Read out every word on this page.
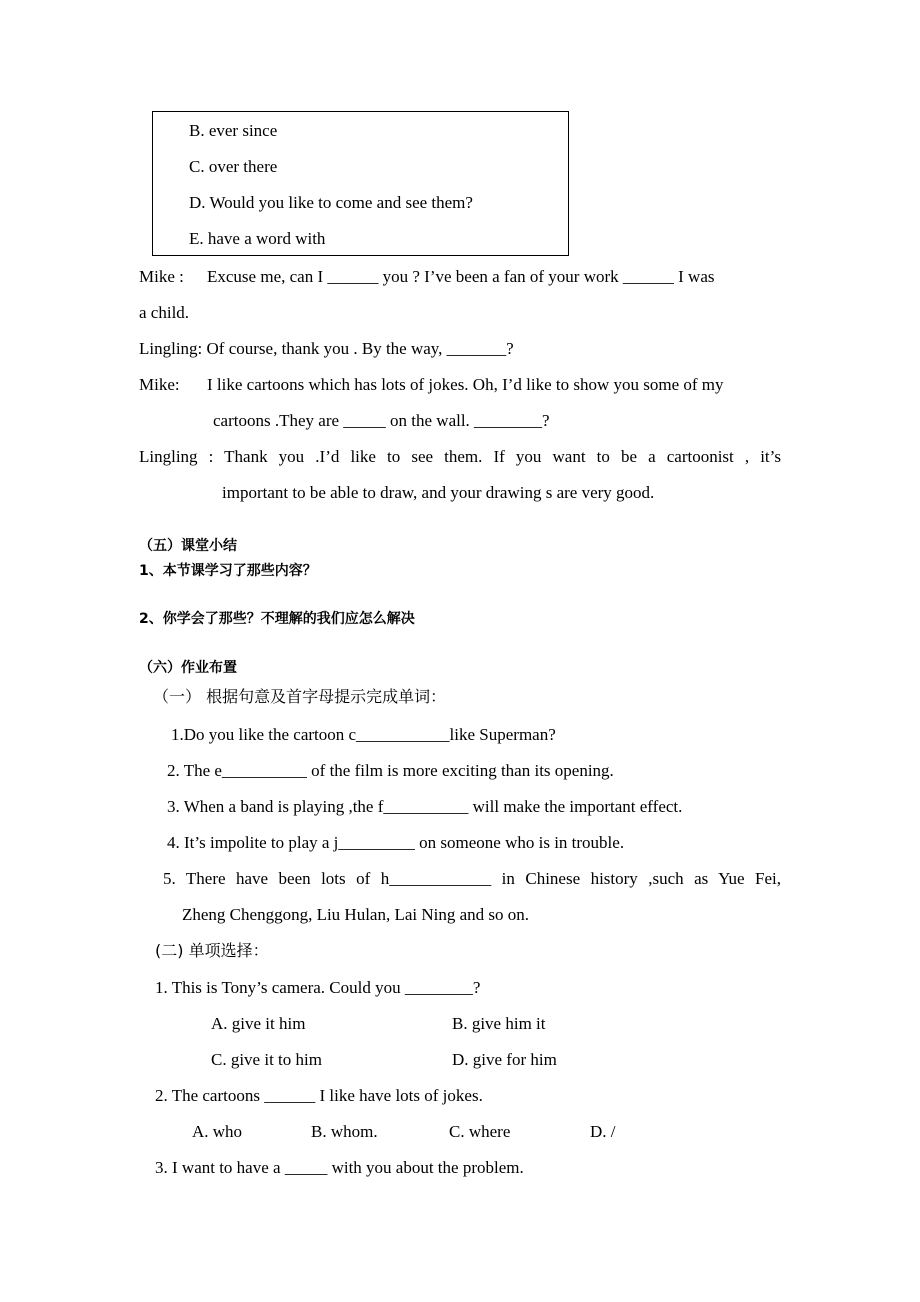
B. ever since
C. over there
D. Would you like to come and see them?
E. have a word with
Mike : Excuse me, can I ______ you ? I’ve been a fan of your work ______ I was
a child.
Lingling: Of course, thank you . By the way, _______?
Mike: I like cartoons which has lots of jokes. Oh, I’d like to show you some of my
cartoons .They are _____ on the wall. ________?
Lingling : Thank you .I’d like to see them. If you want to be a cartoonist , it’s
important to be able to draw, and your drawing s are very good.
（五）课堂小结
1、本节课学习了那些内容？
2、你学会了那些？不理解的我们应怎么解决
（六）作业布置
（一） 根据句意及首字母提示完成单词：
1.Do you like the cartoon c___________like Superman?
2. The e__________ of the film is more exciting than its opening.
3. When a band is playing ,the f__________ will make the important effect.
4. It’s impolite to play a j_________ on someone who is in trouble.
5. There have been lots of h____________ in Chinese history ,such as Yue Fei,
Zheng Chenggong, Liu Hulan, Lai Ning and so on.
(二) 单项选择：
1. This is Tony’s camera. Could you ________?
A. give it him	B. give him it
C. give it to him	D. give for him
2. The cartoons ______ I like have lots of jokes.
A. who	B. whom.	C. where	D. /
3. I want to have a _____ with you about the problem.
